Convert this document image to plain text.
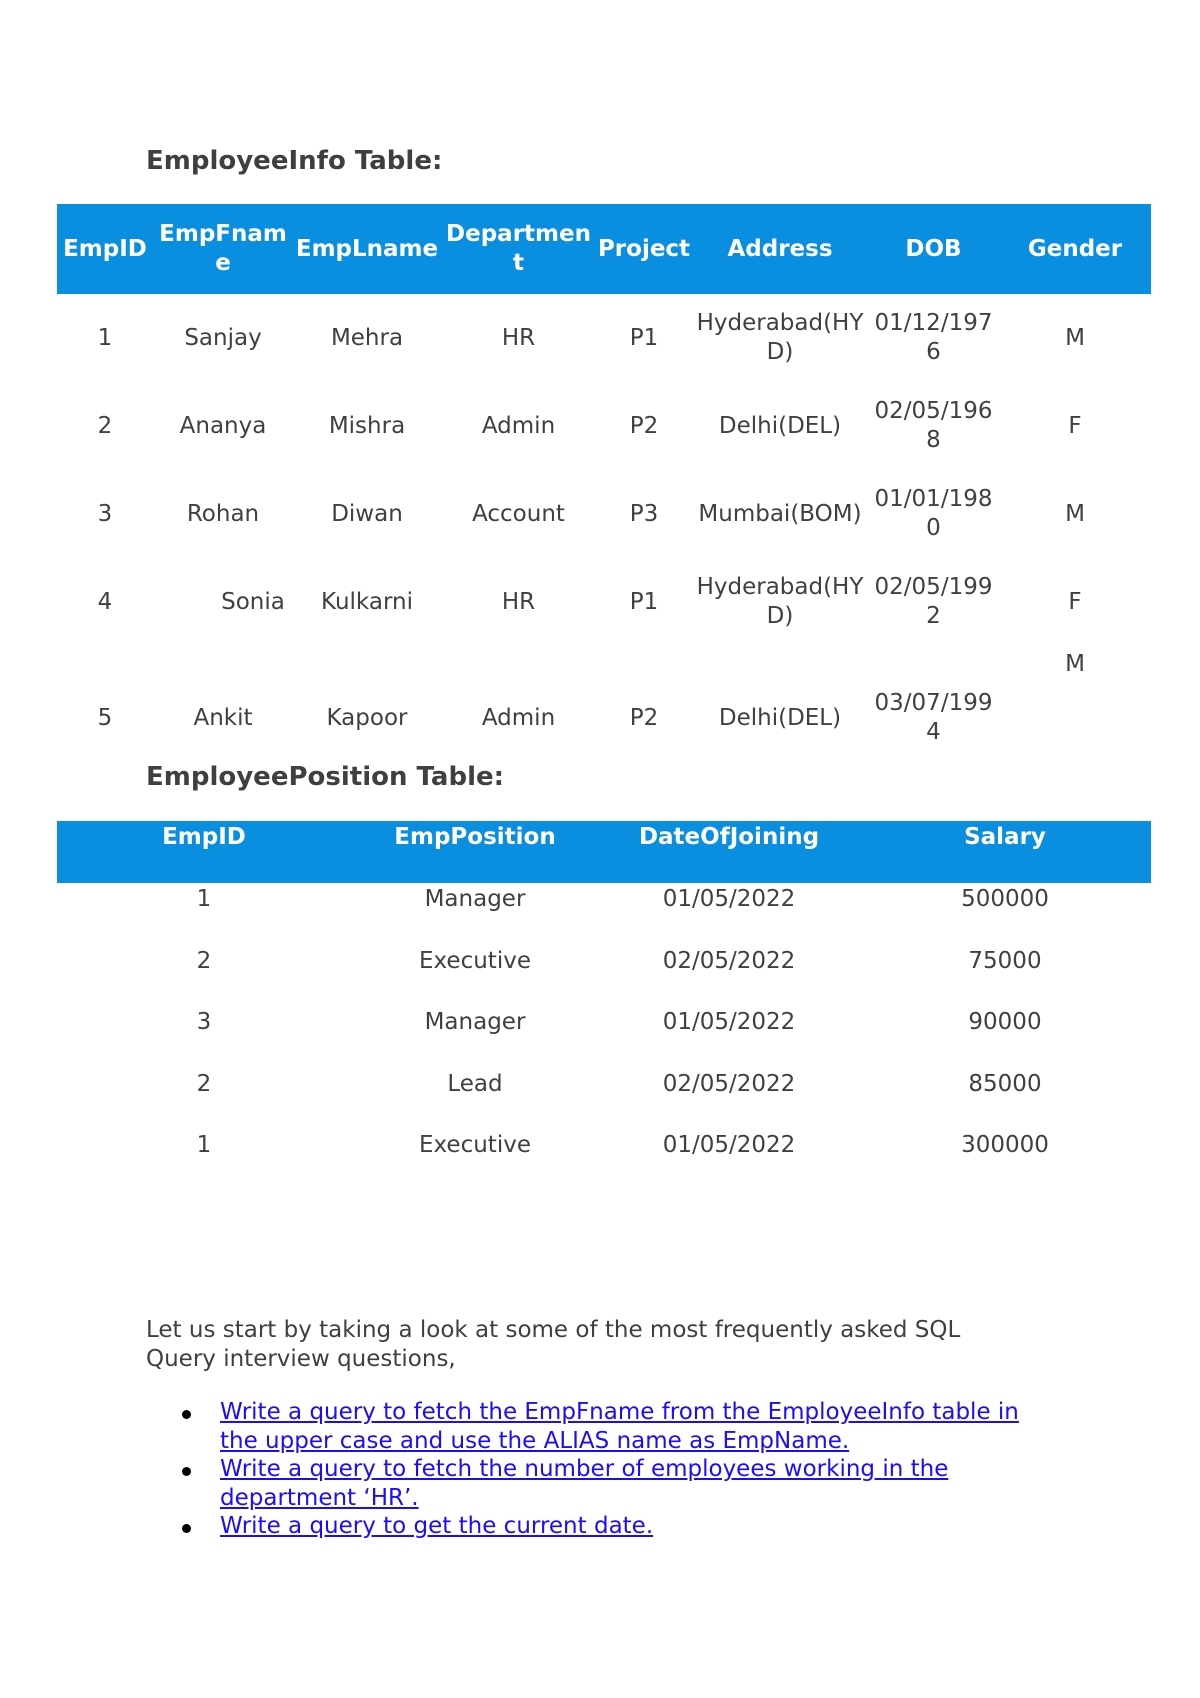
EmployeeInfo Table:
EmpID	EmpFname	EmpLname	Department	Project	Address	DOB	Gender
1	Sanjay	Mehra	HR	P1	Hyderabad(HYD)	01/12/1976	M
2	Ananya	Mishra	Admin	P2	Delhi(DEL)	02/05/1968	F
3	Rohan	Diwan	Account	P3	Mumbai(BOM)	01/01/1980	M
4	Sonia	Kulkarni	HR	P1	Hyderabad(HYD)	02/05/1992	F
5	Ankit	Kapoor	Admin	P2	Delhi(DEL)	03/07/1994	M
EmployeePosition Table:
EmpID	EmpPosition	DateOfJoining	Salary
1	Manager	01/05/2022	500000
2	Executive	02/05/2022	75000
3	Manager	01/05/2022	90000
2	Lead	02/05/2022	85000
1	Executive	01/05/2022	300000

Let us start by taking a look at some of the most frequently asked SQL Query interview questions,

Write a query to fetch the EmpFname from the EmployeeInfo table in the upper case and use the ALIAS name as EmpName.
Write a query to fetch the number of employees working in the department ‘HR’.
Write a query to get the current date.
